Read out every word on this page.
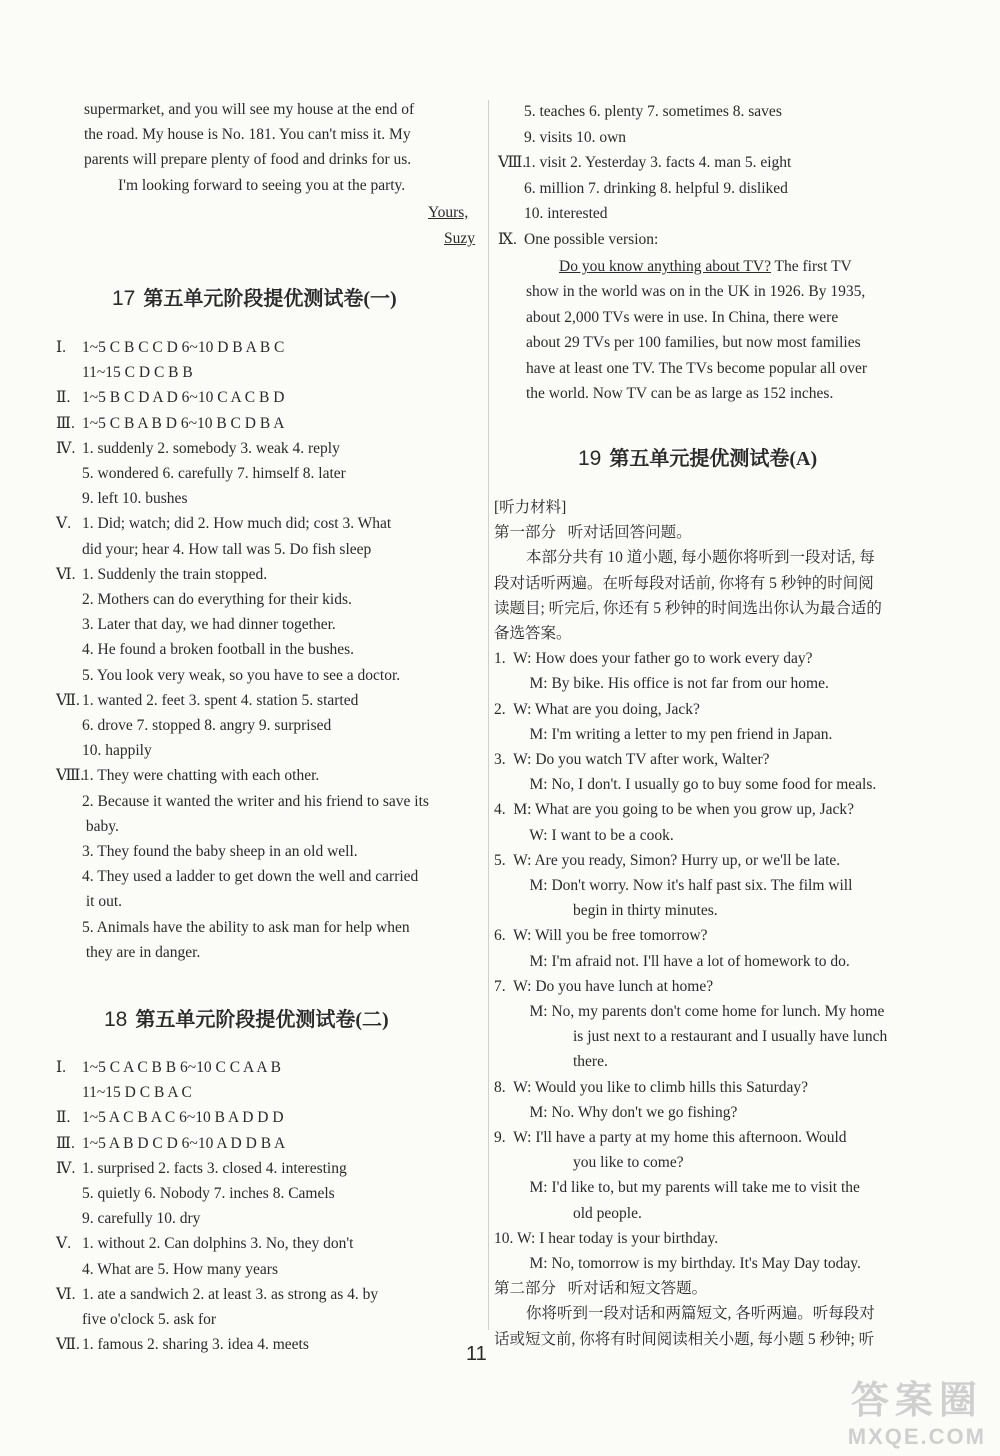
supermarket, and you will see my house at the end of
the road. My house is No. 181. You can't miss it. My
parents will prepare plenty of food and drinks for us.
I'm looking forward to seeing you at the party.
Yours,
Suzy
17 第五单元阶段提优测试卷(一)
Ⅰ. 1~5 C B C C D 6~10 D B A B C
11~15 C D C B B
Ⅱ. 1~5 B C D A D 6~10 C A C B D
Ⅲ. 1~5 C B A B D 6~10 B C D B A
Ⅳ. 1. suddenly 2. somebody 3. weak 4. reply
5. wondered 6. carefully 7. himself 8. later
9. left 10. bushes
Ⅴ. 1. Did; watch; did 2. How much did; cost 3. What
did your; hear 4. How tall was 5. Do fish sleep
Ⅵ. 1. Suddenly the train stopped.
2. Mothers can do everything for their kids.
3. Later that day, we had dinner together.
4. He found a broken football in the bushes.
5. You look very weak, so you have to see a doctor.
Ⅶ. 1. wanted 2. feet 3. spent 4. station 5. started
6. drove 7. stopped 8. angry 9. surprised
10. happily
Ⅷ.1. They were chatting with each other.
2. Because it wanted the writer and his friend to save its
baby.
3. They found the baby sheep in an old well.
4. They used a ladder to get down the well and carried
it out.
5. Animals have the ability to ask man for help when
they are in danger.
18 第五单元阶段提优测试卷(二)
Ⅰ. 1~5 C A C B B 6~10 C C A A B
11~15 D C B A C
Ⅱ. 1~5 A C B A C 6~10 B A D D D
Ⅲ. 1~5 A B D C D 6~10 A D D B A
Ⅳ. 1. surprised 2. facts 3. closed 4. interesting
5. quietly 6. Nobody 7. inches 8. Camels
9. carefully 10. dry
Ⅴ. 1. without 2. Can dolphins 3. No, they don't
4. What are 5. How many years
Ⅵ. 1. ate a sandwich 2. at least 3. as strong as 4. by
five o'clock 5. ask for
Ⅶ. 1. famous 2. sharing 3. idea 4. meets
5. teaches 6. plenty 7. sometimes 8. saves
9. visits 10. own
Ⅷ.1. visit 2. Yesterday 3. facts 4. man 5. eight
6. million 7. drinking 8. helpful 9. disliked
10. interested
Ⅸ. One possible version:
Do you know anything about TV? The first TV
show in the world was on in the UK in 1926. By 1935,
about 2,000 TVs were in use. In China, there were
about 29 TVs per 100 families, but now most families
have at least one TV. The TVs become popular all over
the world. Now TV can be as large as 152 inches.
19 第五单元提优测试卷(A)
[听力材料]
第一部分   听对话回答问题。
本部分共有 10 道小题, 每小题你将听到一段对话, 每
段对话听两遍。在听每段对话前, 你将有 5 秒钟的时间阅
读题目; 听完后, 你还有 5 秒钟的时间选出你认为最合适的
备选答案。
1.  W: How does your father go to work every day?
M: By bike. His office is not far from our home.
2.  W: What are you doing, Jack?
M: I'm writing a letter to my pen friend in Japan.
3.  W: Do you watch TV after work, Walter?
M: No, I don't. I usually go to buy some food for meals.
4.  M: What are you going to be when you grow up, Jack?
W: I want to be a cook.
5.  W: Are you ready, Simon? Hurry up, or we'll be late.
M: Don't worry. Now it's half past six. The film will
begin in thirty minutes.
6.  W: Will you be free tomorrow?
M: I'm afraid not. I'll have a lot of homework to do.
7.  W: Do you have lunch at home?
M: No, my parents don't come home for lunch. My home
is just next to a restaurant and I usually have lunch
there.
8.  W: Would you like to climb hills this Saturday?
M: No. Why don't we go fishing?
9.  W: I'll have a party at my home this afternoon. Would
you like to come?
M: I'd like to, but my parents will take me to visit the
old people.
10. W: I hear today is your birthday.
M: No, tomorrow is my birthday. It's May Day today.
第二部分   听对话和短文答题。
你将听到一段对话和两篇短文, 各听两遍。听每段对
话或短文前, 你将有时间阅读相关小题, 每小题 5 秒钟; 听
11
答案圈
MXQE.COM
